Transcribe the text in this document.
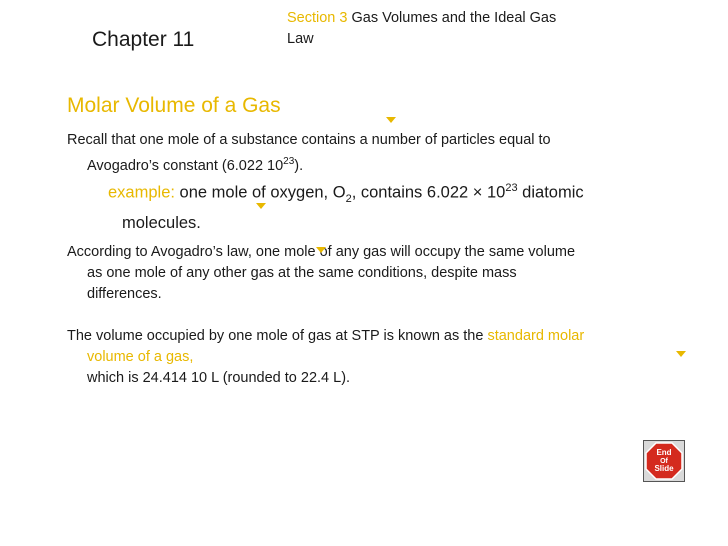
Chapter 11
Section 3 Gas Volumes and the Ideal Gas
Law
Molar Volume of a Gas
Recall that one mole of a substance contains a number of particles equal to
Avogadro’s constant (6.022 $10^{23}$).
example: one mole of oxygen, $O_2$, contains $6.022 \times 10^{23}$ diatomic
molecules.
According to Avogadro’s law, one mole of any gas will occupy the same volume
as one mole of any other gas at the same conditions, despite mass
differences.
The volume occupied by one mole of gas at STP is known as the standard molar
volume of a gas,
which is 24.414 10 L (rounded to 22.4 L).
End
Of
Slide
